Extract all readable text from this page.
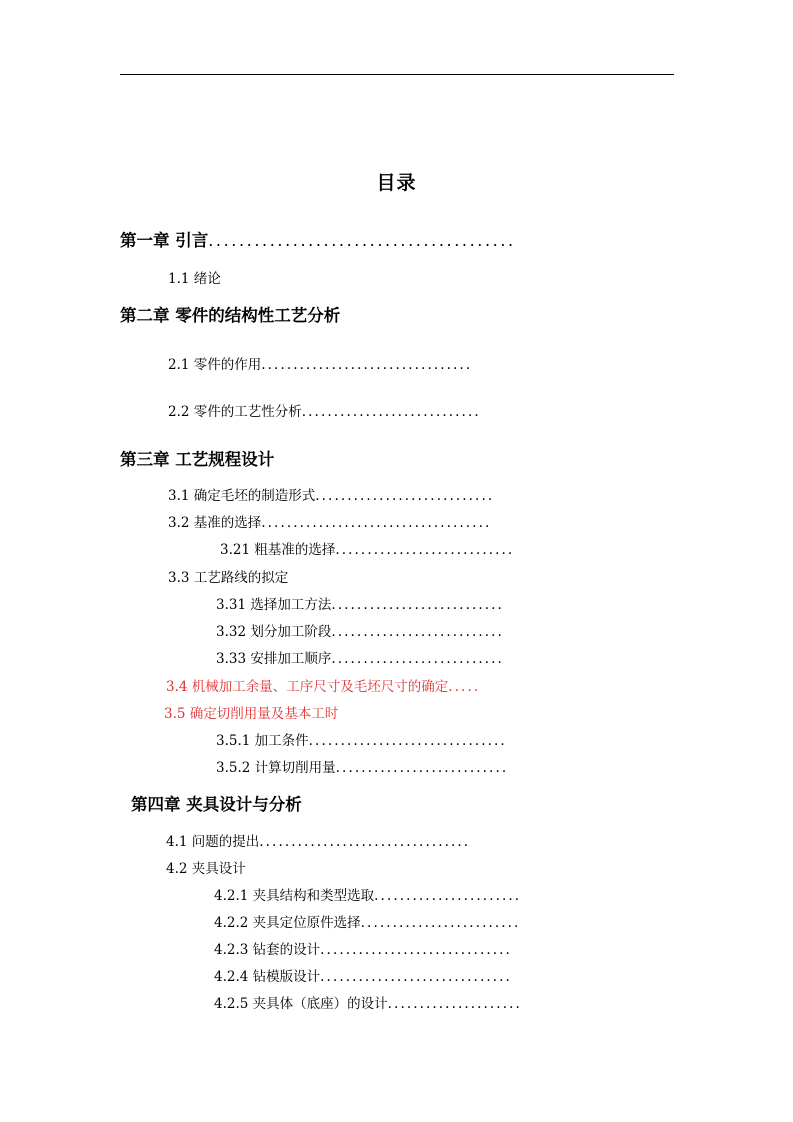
目录
第一章 引言........................................
1.1 绪论
第二章 零件的结构性工艺分析
2.1 零件的作用.................................
2.2 零件的工艺性分析............................
第三章 工艺规程设计
3.1 确定毛坯的制造形式............................
3.2 基准的选择....................................
3.21 粗基准的选择............................
3.3 工艺路线的拟定
3.31 选择加工方法...........................
3.32 划分加工阶段...........................
3.33 安排加工顺序...........................
3.4 机械加工余量、工序尺寸及毛坯尺寸的确定.....
3.5 确定切削用量及基本工时
3.5.1 加工条件...............................
3.5.2 计算切削用量...........................
第四章 夹具设计与分析
4.1 问题的提出.................................
4.2 夹具设计
4.2.1 夹具结构和类型选取.......................
4.2.2 夹具定位原件选择.........................
4.2.3 钻套的设计..............................
4.2.4 钻模版设计..............................
4.2.5 夹具体（底座）的设计.....................
